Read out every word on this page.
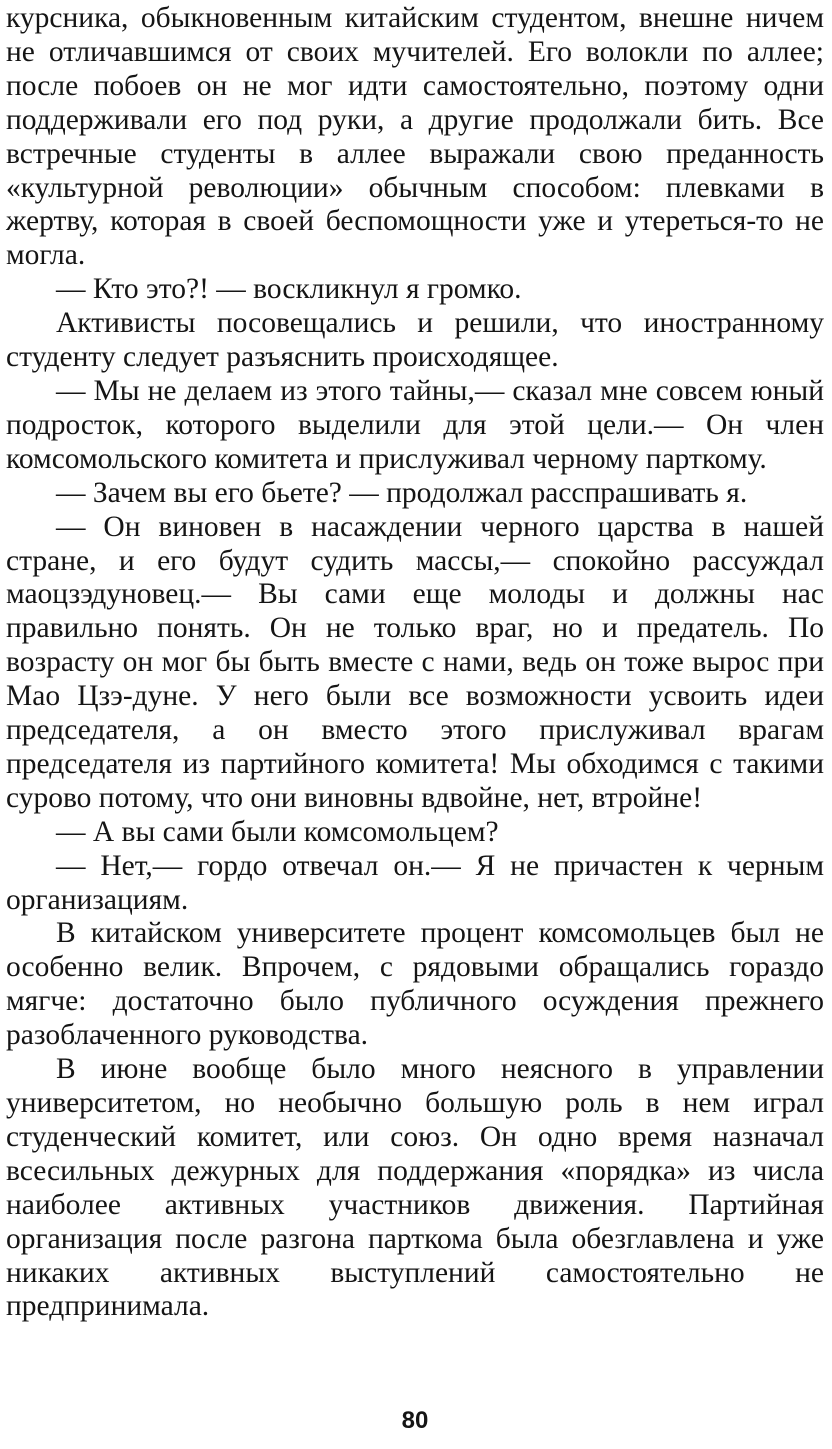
курсника, обыкновенным китайским студентом, внешне ничем не отличавшимся от своих мучителей. Его волокли по аллее; после побоев он не мог идти самостоятельно, поэтому одни поддерживали его под руки, а другие продолжали бить. Все встречные студенты в аллее выражали свою преданность «культурной революции» обычным способом: плевками в жертву, которая в своей беспомощности уже и утереться-то не могла.

— Кто это?! — воскликнул я громко.

Активисты посовещались и решили, что иностранному студенту следует разъяснить происходящее.

— Мы не делаем из этого тайны,— сказал мне совсем юный подросток, которого выделили для этой цели.— Он член комсомольского комитета и прислуживал черному парткому.

— Зачем вы его бьете? — продолжал расспрашивать я.

— Он виновен в насаждении черного царства в нашей стране, и его будут судить массы,— спокойно рассуждал маоцзэдуновец.— Вы сами еще молоды и должны нас правильно понять. Он не только враг, но и предатель. По возрасту он мог бы быть вместе с нами, ведь он тоже вырос при Мао Цзэ-дуне. У него были все возможности усвоить идеи председателя, а он вместо этого прислуживал врагам председателя из партийного комитета! Мы обходимся с такими сурово потому, что они виновны вдвойне, нет, втройне!

— А вы сами были комсомольцем?

— Нет,— гордо отвечал он.— Я не причастен к черным организациям.

В китайском университете процент комсомольцев был не особенно велик. Впрочем, с рядовыми обращались гораздо мягче: достаточно было публичного осуждения прежнего разоблаченного руководства.

В июне вообще было много неясного в управлении университетом, но необычно большую роль в нем играл студенческий комитет, или союз. Он одно время назначал всесильных дежурных для поддержания «порядка» из числа наиболее активных участников движения. Партийная организация после разгона парткома была обезглавлена и уже никаких активных выступлений самостоятельно не предпринимала.

80
